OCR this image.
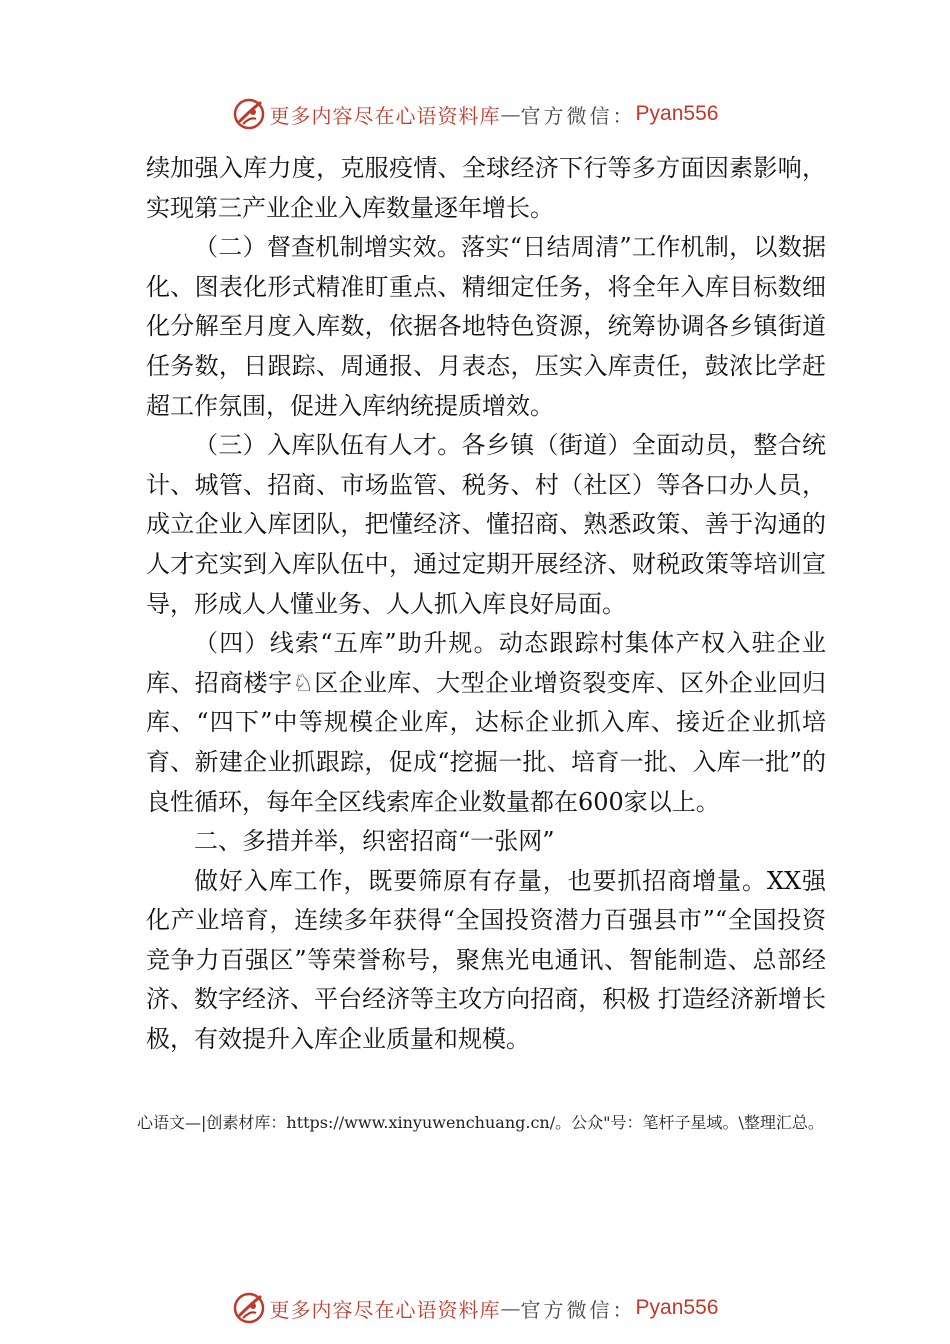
更多内容尽在心语资料库 — 官方微信： Pyan556

续加强入库力度，克服疫情、全球经济下行等多方面因素影响，实现第三产业企业入库数量逐年增长。

（二）督查机制增实效。落实“日结周清”工作机制，以数据化、图表化形式精准盯重点、精细定任务，将全年入库目标数细化分解至月度入库数，依据各地特色资源，统筹协调各乡镇街道任务数，日跟踪、周通报、月表态，压实入库责任，鼓浓比学赶超工作氛围，促进入库纳统提质增效。

（三）入库队伍有人才。各乡镇（街道）全面动员，整合统计、城管、招商、市场监管、税务、村（社区）等各口办人员，成立企业入库团队，把懂经济、懂招商、熟悉政策、善于沟通的人才充实到入库队伍中，通过定期开展经济、财税政策等培训宣导，形成人人懂业务、人人抓入库良好局面。

（四）线索“五库”助升规。动态跟踪村集体产权入驻企业库、招商楼宇♘区企业库、大型企业增资裂变库、区外企业回归库、“四下”中等规模企业库，达标企业抓入库、接近企业抓培育、新建企业抓跟踪，促成“挖掘一批、培育一批、入库一批”的良性循环，每年全区线索库企业数量都在600家以上。

二、多措并举，织密招商“一张网”

做好入库工作，既要筛原有存量，也要抓招商增量。XX强化产业培育，连续多年获得“全国投资潜力百强县市”“全国投资竞争力百强区”等荣誉称号，聚焦光电通讯、智能制造、总部经济、数字经济、平台经济等主攻方向招商，积极 打造经济新增长极，有效提升入库企业质量和规模。

心语文—|创素材库：https://www.xinyuwenchuang.cn/。公众"号：笔杆子星域。\整理汇总。
更多内容尽在心语资料库 — 官方微信： Pyan556
